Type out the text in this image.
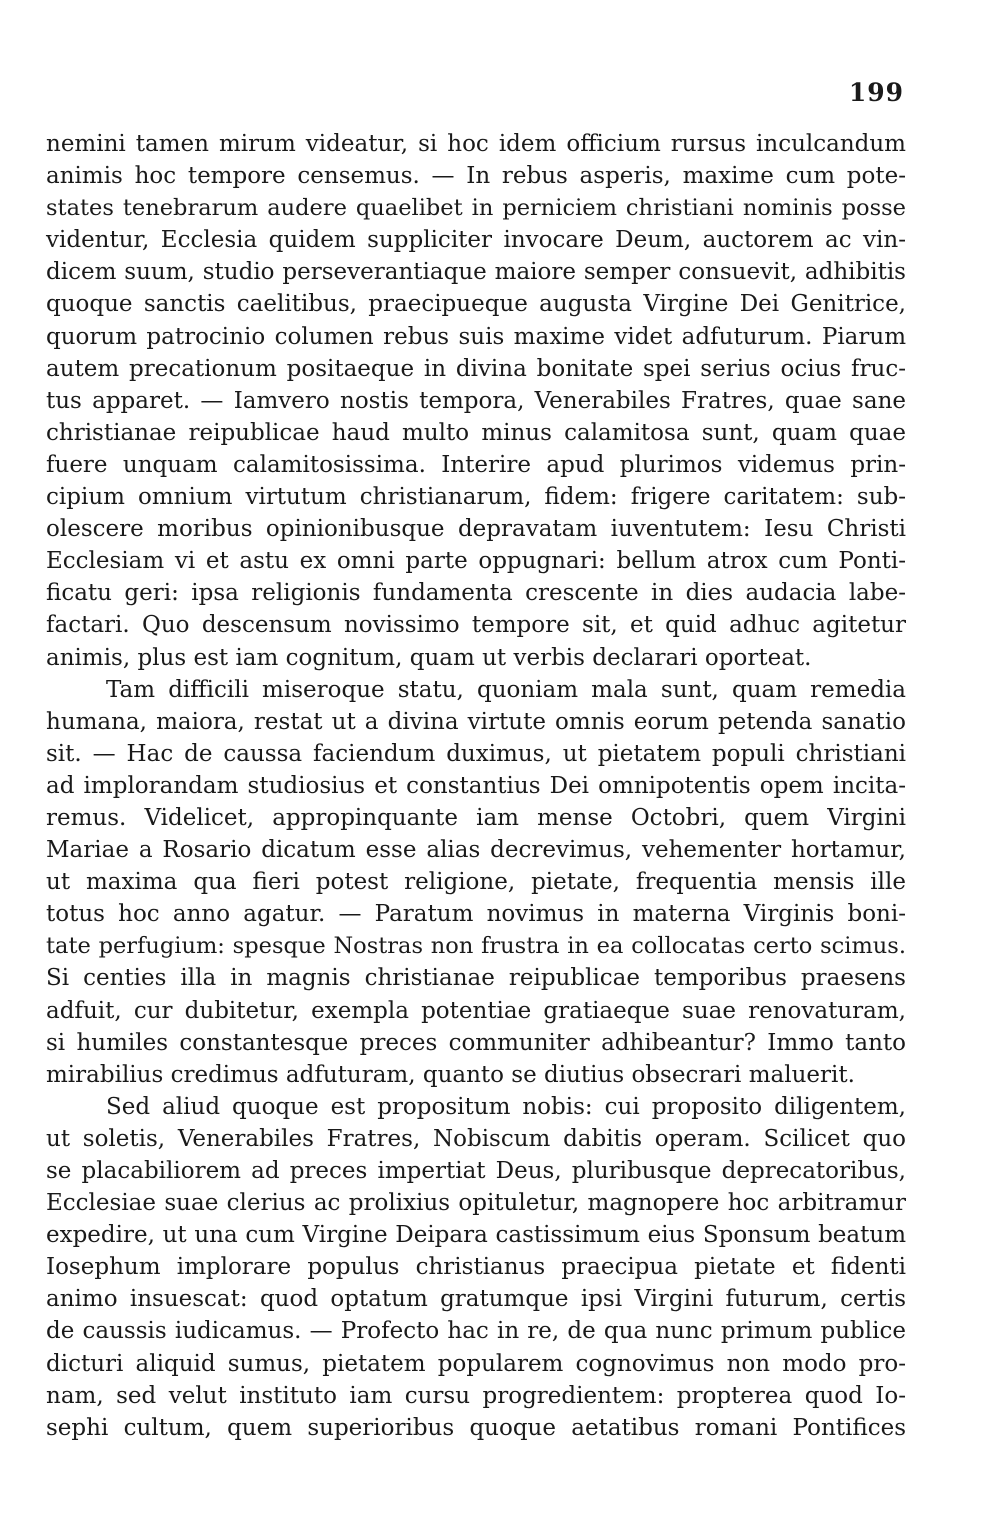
199
nemini tamen mirum videatur, si hoc idem officium rursus inculcandum
animis hoc tempore censemus. — In rebus asperis, maxime cum pote-
states tenebrarum audere quaelibet in perniciem christiani nominis posse
videntur, Ecclesia quidem suppliciter invocare Deum, auctorem ac vin-
dicem suum, studio perseverantiaque maiore semper consuevit, adhibitis
quoque sanctis caelitibus, praecipueque augusta Virgine Dei Genitrice,
quorum patrocinio columen rebus suis maxime videt adfuturum. Piarum
autem precationum positaeque in divina bonitate spei serius ocius fruc-
tus apparet. — Iamvero nostis tempora, Venerabiles Fratres, quae sane
christianae reipublicae haud multo minus calamitosa sunt, quam quae
fuere unquam calamitosissima. Interire apud plurimos videmus prin-
cipium omnium virtutum christianarum, fidem: frigere caritatem: sub-
olescere moribus opinionibusque depravatam iuventutem: Iesu Christi
Ecclesiam vi et astu ex omni parte oppugnari: bellum atrox cum Ponti-
ficatu geri: ipsa religionis fundamenta crescente in dies audacia labe-
factari. Quo descensum novissimo tempore sit, et quid adhuc agitetur
animis, plus est iam cognitum, quam ut verbis declarari oporteat.
Tam difficili miseroque statu, quoniam mala sunt, quam remedia
humana, maiora, restat ut a divina virtute omnis eorum petenda sanatio
sit. — Hac de caussa faciendum duximus, ut pietatem populi christiani
ad implorandam studiosius et constantius Dei omnipotentis opem incita-
remus. Videlicet, appropinquante iam mense Octobri, quem Virgini
Mariae a Rosario dicatum esse alias decrevimus, vehementer hortamur,
ut maxima qua fieri potest religione, pietate, frequentia mensis ille
totus hoc anno agatur. — Paratum novimus in materna Virginis boni-
tate perfugium: spesque Nostras non frustra in ea collocatas certo scimus.
Si centies illa in magnis christianae reipublicae temporibus praesens
adfuit, cur dubitetur, exempla potentiae gratiaeque suae renovaturam,
si humiles constantesque preces communiter adhibeantur? Immo tanto
mirabilius credimus adfuturam, quanto se diutius obsecrari maluerit.
Sed aliud quoque est propositum nobis: cui proposito diligentem,
ut soletis, Venerabiles Fratres, Nobiscum dabitis operam. Scilicet quo
se placabiliorem ad preces impertiat Deus, pluribusque deprecatoribus,
Ecclesiae suae clerius ac prolixius opituletur, magnopere hoc arbitramur
expedire, ut una cum Virgine Deipara castissimum eius Sponsum beatum
Iosephum implorare populus christianus praecipua pietate et fidenti
animo insuescat: quod optatum gratumque ipsi Virgini futurum, certis
de caussis iudicamus. — Profecto hac in re, de qua nunc primum publice
dicturi aliquid sumus, pietatem popularem cognovimus non modo pro-
nam, sed velut instituto iam cursu progredientem: propterea quod Io-
sephi cultum, quem superioribus quoque aetatibus romani Pontifices
